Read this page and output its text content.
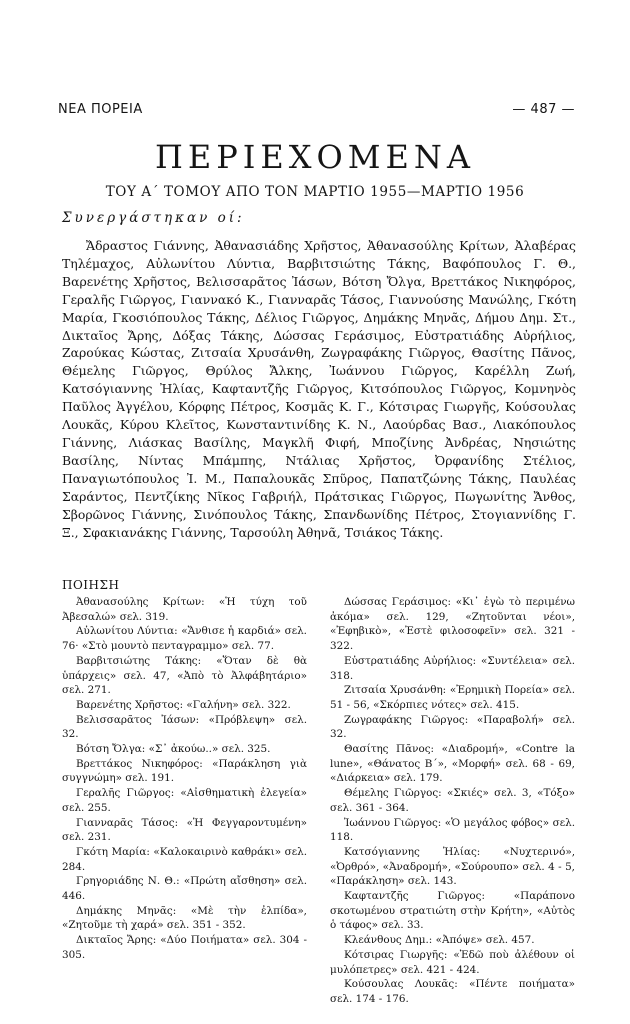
ΝΕΑ ΠΟΡΕΙΑ	— 487 —
ΠΕΡΙΕΧΟΜΕΝΑ
ΤΟΥ Α΄ ΤΟΜΟΥ ΑΠΟ ΤΟΝ ΜΑΡΤΙΟ 1955—ΜΑΡΤΙΟ 1956
Συνεργάστηκαν οί:

Ἄδραστος Γιάννης, Ἀθανασιάδης Χρῆστος, Ἀθανασούλης Κρίτων, Ἀλαβέρας Τηλέμαχος, Αὐλωνίτου Λύντια, Βαρβιτσιώτης Τάκης, Βαφόπουλος Γ. Θ., Βαρενέτης Χρῆστος, Βελισσαρᾶτος Ἰάσων, Βότση Ὄλγα, Βρεττάκος Νικηφόρος, Γεραλῆς Γιῶργος, Γιαννακό Κ., Γιανναρᾶς Τάσος, Γιαννούσης Μανώλης, Γκότη Μαρία, Γκοσιόπουλος Τάκης, Δέλιος Γιῶργος, Δημάκης Μηνᾶς, Δήμου Δημ. Στ., Δικταῖος Ἄρης, Δόξας Τάκης, Δώσσας Γεράσιμος, Εὐστρατιάδης Αὐρήλιος, Ζαρούκας Κώστας, Ζιτσαία Χρυσάνθη, Ζωγραφάκης Γιῶργος, Θασίτης Πᾶνος, Θέμελης Γιῶργος, Θρύλος Ἄλκης, Ἰωάννου Γιῶργος, Καρέλλη Ζωή, Κατσόγιαννης Ἠλίας, Καφταντζῆς Γιῶργος, Κιτσόπουλος Γιῶργος, Κομνηνὸς Παῦλος Ἀγγέλου, Κόρφης Πέτρος, Κοσμᾶς Κ. Γ., Κότσιρας Γιωργῆς, Κούσουλας Λουκᾶς, Κύρου Κλεῖτος, Κωνσταντινίδης Κ. Ν., Λαούρδας Βασ., Λιακόπουλος Γιάννης, Λιάσκας Βασίλης, Μαγκλῆ Φιφή, Μποζίνης Ἀνδρέας, Νησιώτης Βασίλης, Νίντας Μπάμπης, Ντάλιας Χρῆστος, Ὀρφανίδης Στέλιος, Παναγιωτόπουλος Ἰ. Μ., Παπαλουκᾶς Σπῦρος, Παπατζώνης Τάκης, Παυλέας Σαράντος, Πεντζίκης Νῖκος Γαβριήλ, Πράτσικας Γιῶργος, Πωγωνίτης Ἄνθος, Σβορῶνος Γιάννης, Σινόπουλος Τάκης, Σπανδωνίδης Πέτρος, Στογιαννίδης Γ. Ξ., Σφακιανάκης Γιάννης, Ταρσούλη Ἀθηνᾶ, Τσιάκος Τάκης.

ΠΟΙΗΣΗ

Ἀθανασούλης Κρίτων: «Ἡ τύχη τοῦ Ἀβεσαλώ» σελ. 319.

Αὐλωνίτου Λύντια: «Ἄνθισε ἡ καρδιά» σελ. 76· «Στὸ μουντὸ πενταγραμμο» σελ. 77.

Βαρβιτσιώτης Τάκης: «Ὅταν δὲ θὰ ὑπάρχεις» σελ. 47, «Ἀπὸ τὸ Ἀλφάβητάριο» σελ. 271.

Βαρενέτης Χρῆστος: «Γαλήνη» σελ. 322.

Βελισσαρᾶτος Ἰάσων: «Πρόβλεψη» σελ. 32.

Βότση Ὄλγα: «Σ᾽ ἀκούω..» σελ. 325.

Βρεττάκος Νικηφόρος: «Παράκληση γιὰ συγγνώμη» σελ. 191.

Γεραλῆς Γιῶργος: «Αἰσθηματικὴ ἐλεγεία» σελ. 255.

Γιανναρᾶς Τάσος: «Ἡ Φεγγαροντυμένη» σελ. 231.

Γκότη Μαρία: «Καλοκαιρινὸ καθράκι» σελ. 284.

Γρηγοριάδης Ν. Θ.: «Πρώτη αἴσθηση» σελ. 446.

Δημάκης Μηνᾶς: «Μὲ τὴν ἐλπίδα», «Ζητοῦμε τὴ χαρά» σελ. 351 - 352.

Δικταῖος Ἄρης: «Δύο Ποιήματα» σελ. 304 - 305.

Δώσσας Γεράσιμος: «Κι᾽ ἐγὼ τὸ περιμένω ἀκόμα» σελ. 129, «Ζητοῦνται νέοι», «Ἐφηβικὸ», «Ἐστὲ φιλοσοφεῖν» σελ. 321 - 322.

Εὐστρατιάδης Αὐρήλιος: «Συντέλεια» σελ. 318.

Ζιτσαία Χρυσάνθη: «Ἐρημικὴ Πορεία» σελ. 51 - 56, «Σκόρπιες νότες» σελ. 415.

Ζωγραφάκης Γιῶργος: «Παραβολή» σελ. 32.

Θασίτης Πᾶνος: «Διαδρομή», «Contre la lune», «Θάνατος Β΄», «Μορφή» σελ. 68 - 69, «Διάρκεια» σελ. 179.

Θέμελης Γιῶργος: «Σκιές» σελ. 3, «Τόξο» σελ. 361 - 364.

Ἰωάννου Γιῶργος: «Ὁ μεγάλος φόβος» σελ. 118.

Κατσόγιαννης Ἠλίας: «Νυχτερινό», «Ὀρθρό», «Ἀναδρομή», «Σούρουπο» σελ. 4 - 5, «Παράκληση» σελ. 143.

Καφταντζῆς Γιῶργος: «Παράπονο σκοτωμένου στρατιώτη στὴν Κρήτη», «Αὐτὸς ὁ τάφος» σελ. 33.

Κλεάνθους Δημ.: «Ἀπόψε» σελ. 457.

Κότσιρας Γιωργῆς: «Ἐδῶ ποὺ ἀλέθουν οἱ μυλόπετρες» σελ. 421 - 424.

Κούσουλας Λουκᾶς: «Πέντε ποιήματα» σελ. 174 - 176.
